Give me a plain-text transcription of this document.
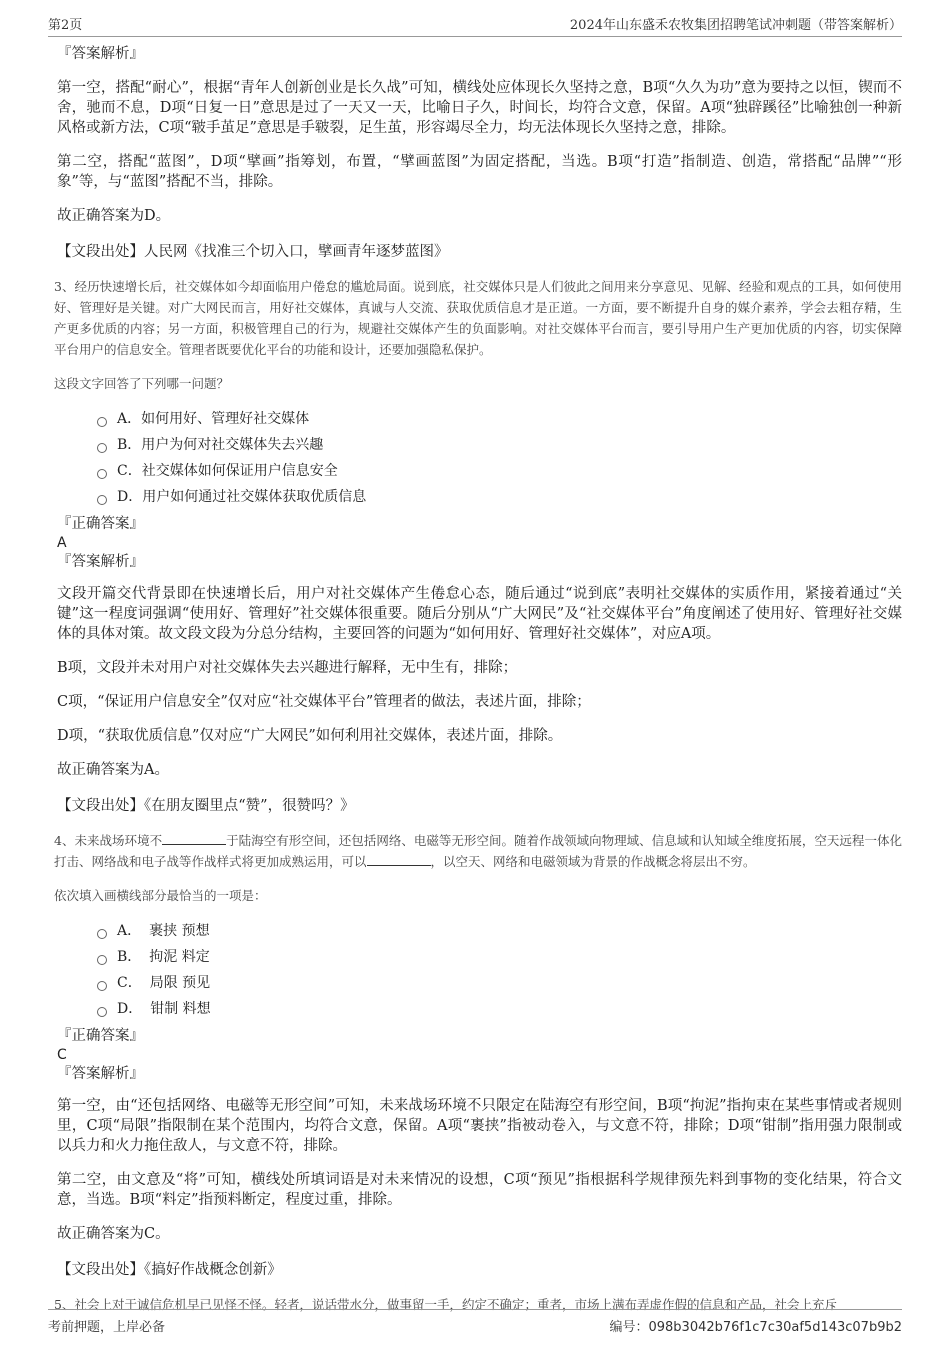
第2页	2024年山东盛禾农牧集团招聘笔试冲刺题（带答案解析）

『答案解析』

第一空，搭配“耐心”，根据“青年人创新创业是长久战”可知，横线处应体现长久坚持之意，B项“久久为功”意为要持之以恒，锲而不舍，驰而不息，D项“日复一日”意思是过了一天又一天，比喻日子久，时间长，均符合文意，保留。A项“独辟蹊径”比喻独创一种新风格或新方法，C项“皲手茧足”意思是手皲裂，足生茧，形容竭尽全力，均无法体现长久坚持之意，排除。

第二空，搭配“蓝图”，D项“擘画”指筹划，布置，“擘画蓝图”为固定搭配，当选。B项“打造”指制造、创造，常搭配“品牌”“形象”等，与“蓝图”搭配不当，排除。

故正确答案为D。

【文段出处】人民网《找准三个切入口，擘画青年逐梦蓝图》

3、经历快速增长后，社交媒体如今却面临用户倦怠的尴尬局面。说到底，社交媒体只是人们彼此之间用来分享意见、见解、经验和观点的工具，如何使用好、管理好是关键。对广大网民而言，用好社交媒体，真诚与人交流、获取优质信息才是正道。一方面，要不断提升自身的媒介素养，学会去粗存精，生产更多优质的内容；另一方面，积极管理自己的行为，规避社交媒体产生的负面影响。对社交媒体平台而言，要引导用户生产更加优质的内容，切实保障平台用户的信息安全。管理者既要优化平台的功能和设计，还要加强隐私保护。

这段文字回答了下列哪一问题？

A． 如何用好、管理好社交媒体
B． 用户为何对社交媒体失去兴趣
C． 社交媒体如何保证用户信息安全
D． 用户如何通过社交媒体获取优质信息

『正确答案』

A

『答案解析』

文段开篇交代背景即在快速增长后，用户对社交媒体产生倦怠心态，随后通过“说到底”表明社交媒体的实质作用，紧接着通过“关键”这一程度词强调“使用好、管理好”社交媒体很重要。随后分别从“广大网民”及“社交媒体平台”角度阐述了使用好、管理好社交媒体的具体对策。故文段文段为分总分结构，主要回答的问题为“如何用好、管理好社交媒体”，对应A项。

B项，文段并未对用户对社交媒体失去兴趣进行解释，无中生有，排除；

C项，“保证用户信息安全”仅对应“社交媒体平台”管理者的做法，表述片面，排除；

D项，“获取优质信息”仅对应“广大网民”如何利用社交媒体，表述片面，排除。

故正确答案为A。

【文段出处】《在朋友圈里点“赞”，很赞吗？》

4、未来战场环境不	于陆海空有形空间，还包括网络、电磁等无形空间。随着作战领域向物理域、信息域和认知域全维度拓展，空天远程一体化打击、网络战和电子战等作战样式将更加成熟运用，可以	，以空天、网络和电磁领域为背景的作战概念将层出不穷。

依次填入画横线部分最恰当的一项是：

A． 裹挟 预想
B． 拘泥 料定
C． 局限 预见
D． 钳制 料想

『正确答案』

C

『答案解析』

第一空，由“还包括网络、电磁等无形空间”可知，未来战场环境不只限定在陆海空有形空间，B项“拘泥”指拘束在某些事情或者规则里，C项“局限”指限制在某个范围内，均符合文意，保留。A项“裹挟”指被动卷入，与文意不符，排除；D项“钳制”指用强力限制或以兵力和火力拖住敌人，与文意不符，排除。

第二空，由文意及“将”可知，横线处所填词语是对未来情况的设想，C项“预见”指根据科学规律预先料到事物的变化结果，符合文意，当选。B项“料定”指预料断定，程度过重，排除。

故正确答案为C。

【文段出处】《搞好作战概念创新》

5、社会上对于诚信危机早已见怪不怪。轻者，说话带水分，做事留一手，约定不确定；重者，市场上满布弄虚作假的信息和产品，社会上充斥

考前押题，上岸必备	编号：098b3042b76f1c7c30af5d143c07b9b2
